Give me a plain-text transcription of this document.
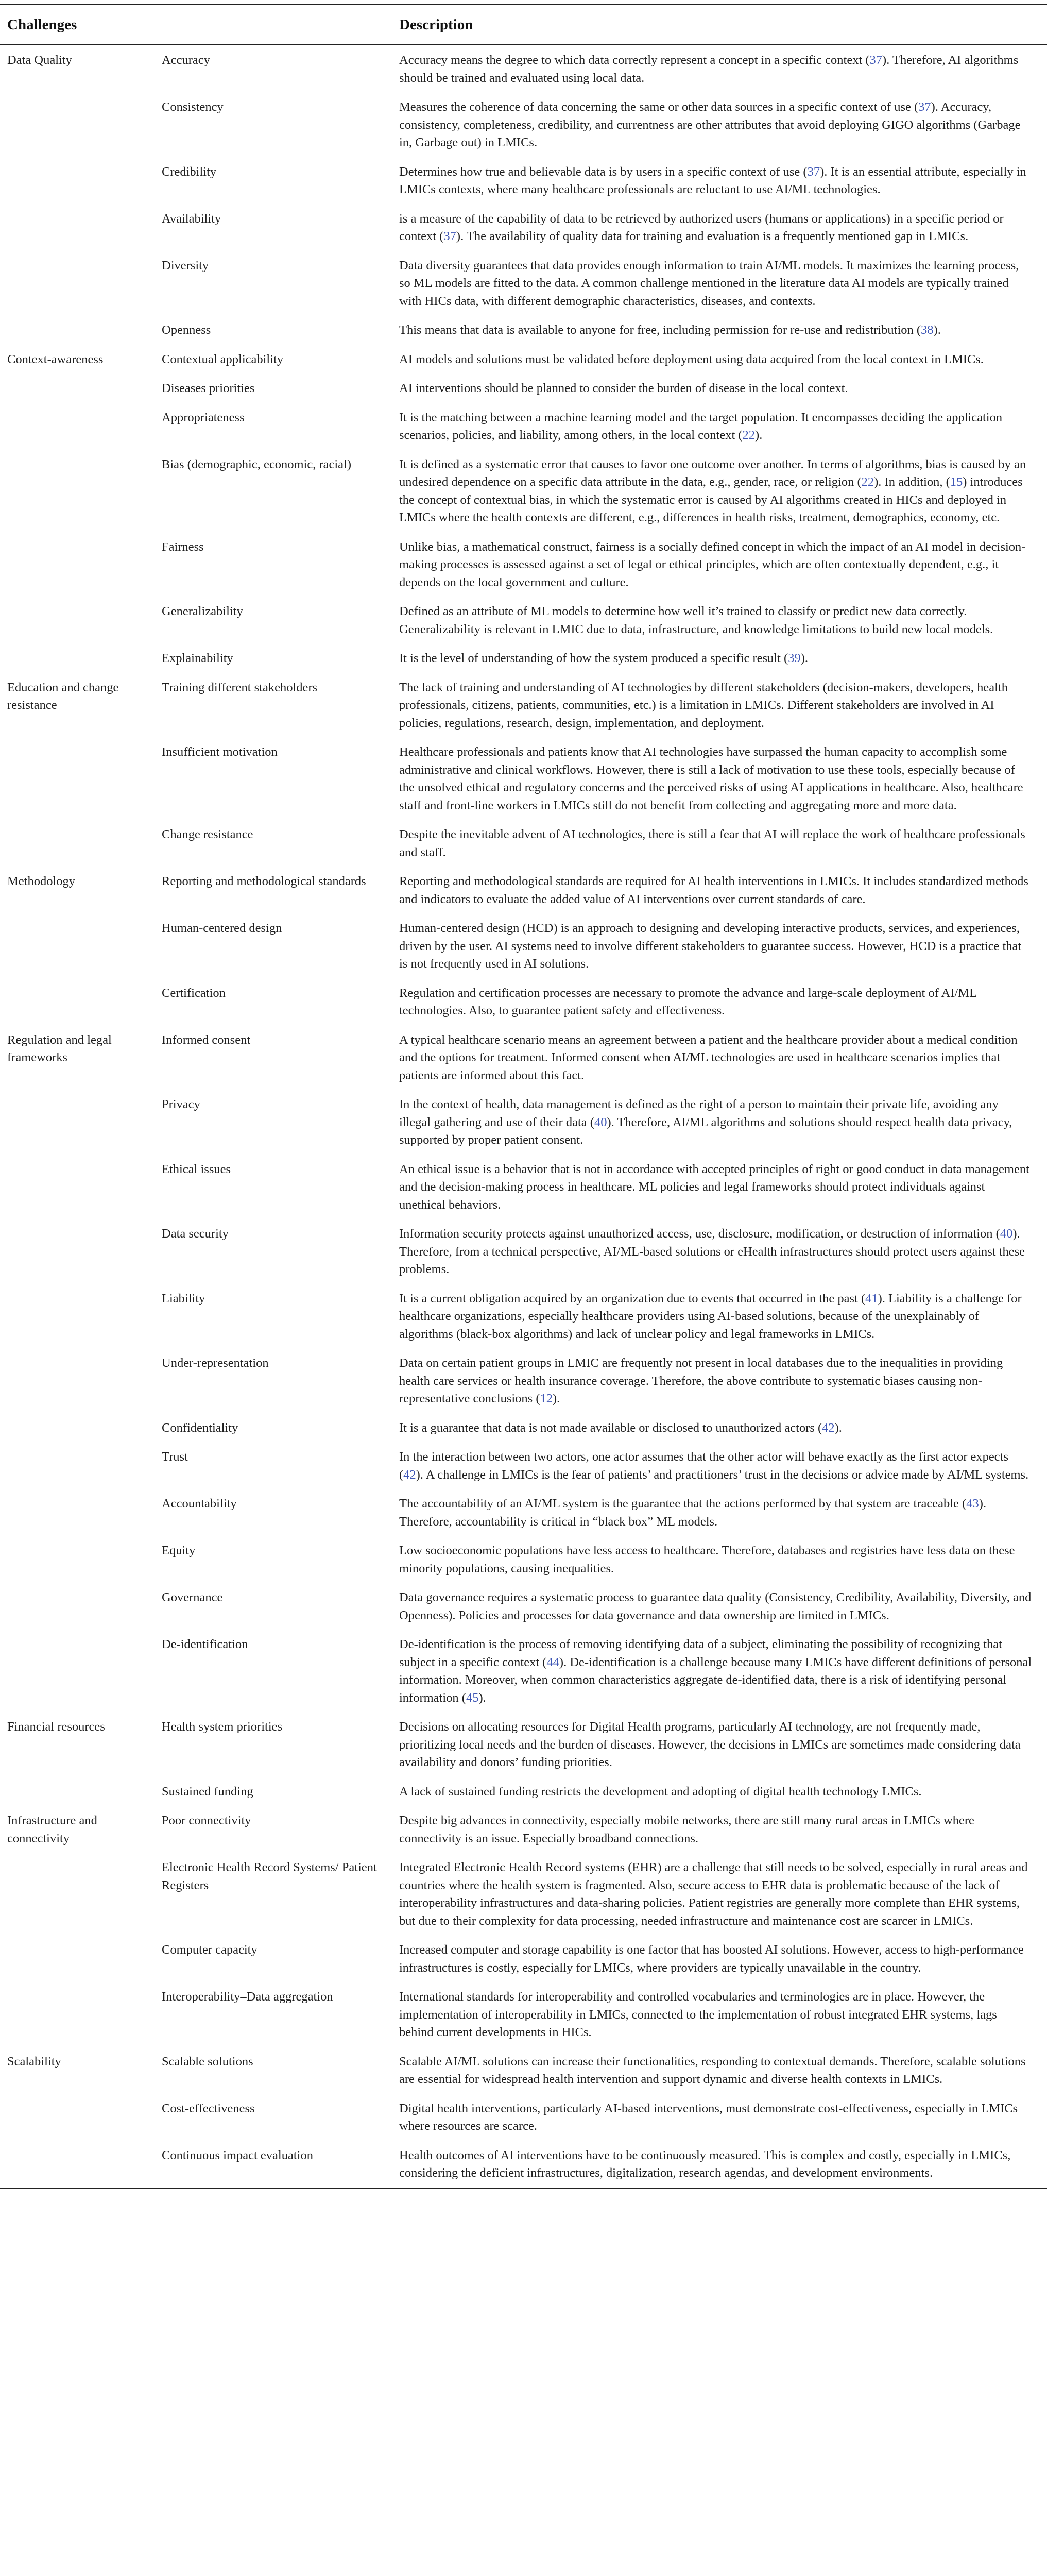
Challenges		Description
Data Quality	Accuracy	Accuracy means the degree to which data correctly represent a concept in a specific context (37). Therefore, AI algorithms should be trained and evaluated using local data.
	Consistency	Measures the coherence of data concerning the same or other data sources in a specific context of use (37). Accuracy, consistency, completeness, credibility, and currentness are other attributes that avoid deploying GIGO algorithms (Garbage in, Garbage out) in LMICs.
	Credibility	Determines how true and believable data is by users in a specific context of use (37). It is an essential attribute, especially in LMICs contexts, where many healthcare professionals are reluctant to use AI/ML technologies.
	Availability	is a measure of the capability of data to be retrieved by authorized users (humans or applications) in a specific period or context (37). The availability of quality data for training and evaluation is a frequently mentioned gap in LMICs.
	Diversity	Data diversity guarantees that data provides enough information to train AI/ML models. It maximizes the learning process, so ML models are fitted to the data. A common challenge mentioned in the literature data AI models are typically trained with HICs data, with different demographic characteristics, diseases, and contexts.
	Openness	This means that data is available to anyone for free, including permission for re-use and redistribution (38).
Context-awareness	Contextual applicability	AI models and solutions must be validated before deployment using data acquired from the local context in LMICs.
	Diseases priorities	AI interventions should be planned to consider the burden of disease in the local context.
	Appropriateness	It is the matching between a machine learning model and the target population. It encompasses deciding the application scenarios, policies, and liability, among others, in the local context (22).
	Bias (demographic, economic, racial)	It is defined as a systematic error that causes to favor one outcome over another. In terms of algorithms, bias is caused by an undesired dependence on a specific data attribute in the data, e.g., gender, race, or religion (22). In addition, (15) introduces the concept of contextual bias, in which the systematic error is caused by AI algorithms created in HICs and deployed in LMICs where the health contexts are different, e.g., differences in health risks, treatment, demographics, economy, etc.
	Fairness	Unlike bias, a mathematical construct, fairness is a socially defined concept in which the impact of an AI model in decision-making processes is assessed against a set of legal or ethical principles, which are often contextually dependent, e.g., it depends on the local government and culture.
	Generalizability	Defined as an attribute of ML models to determine how well it’s trained to classify or predict new data correctly. Generalizability is relevant in LMIC due to data, infrastructure, and knowledge limitations to build new local models.
	Explainability	It is the level of understanding of how the system produced a specific result (39).
Education and change resistance	Training different stakeholders	The lack of training and understanding of AI technologies by different stakeholders (decision-makers, developers, health professionals, citizens, patients, communities, etc.) is a limitation in LMICs. Different stakeholders are involved in AI policies, regulations, research, design, implementation, and deployment.
	Insufficient motivation	Healthcare professionals and patients know that AI technologies have surpassed the human capacity to accomplish some administrative and clinical workflows. However, there is still a lack of motivation to use these tools, especially because of the unsolved ethical and regulatory concerns and the perceived risks of using AI applications in healthcare. Also, healthcare staff and front-line workers in LMICs still do not benefit from collecting and aggregating more and more data.
	Change resistance	Despite the inevitable advent of AI technologies, there is still a fear that AI will replace the work of healthcare professionals and staff.
Methodology	Reporting and methodological standards	Reporting and methodological standards are required for AI health interventions in LMICs. It includes standardized methods and indicators to evaluate the added value of AI interventions over current standards of care.
	Human-centered design	Human-centered design (HCD) is an approach to designing and developing interactive products, services, and experiences, driven by the user. AI systems need to involve different stakeholders to guarantee success. However, HCD is a practice that is not frequently used in AI solutions.
	Certification	Regulation and certification processes are necessary to promote the advance and large-scale deployment of AI/ML technologies. Also, to guarantee patient safety and effectiveness.
Regulation and legal frameworks	Informed consent	A typical healthcare scenario means an agreement between a patient and the healthcare provider about a medical condition and the options for treatment. Informed consent when AI/ML technologies are used in healthcare scenarios implies that patients are informed about this fact.
	Privacy	In the context of health, data management is defined as the right of a person to maintain their private life, avoiding any illegal gathering and use of their data (40). Therefore, AI/ML algorithms and solutions should respect health data privacy, supported by proper patient consent.
	Ethical issues	An ethical issue is a behavior that is not in accordance with accepted principles of right or good conduct in data management and the decision-making process in healthcare. ML policies and legal frameworks should protect individuals against unethical behaviors.
	Data security	Information security protects against unauthorized access, use, disclosure, modification, or destruction of information (40). Therefore, from a technical perspective, AI/ML-based solutions or eHealth infrastructures should protect users against these problems.
	Liability	It is a current obligation acquired by an organization due to events that occurred in the past (41). Liability is a challenge for healthcare organizations, especially healthcare providers using AI-based solutions, because of the unexplainably of algorithms (black-box algorithms) and lack of unclear policy and legal frameworks in LMICs.
	Under-representation	Data on certain patient groups in LMIC are frequently not present in local databases due to the inequalities in providing health care services or health insurance coverage. Therefore, the above contribute to systematic biases causing non-representative conclusions (12).
	Confidentiality	It is a guarantee that data is not made available or disclosed to unauthorized actors (42).
	Trust	In the interaction between two actors, one actor assumes that the other actor will behave exactly as the first actor expects (42). A challenge in LMICs is the fear of patients’ and practitioners’ trust in the decisions or advice made by AI/ML systems.
	Accountability	The accountability of an AI/ML system is the guarantee that the actions performed by that system are traceable (43). Therefore, accountability is critical in “black box” ML models.
	Equity	Low socioeconomic populations have less access to healthcare. Therefore, databases and registries have less data on these minority populations, causing inequalities.
	Governance	Data governance requires a systematic process to guarantee data quality (Consistency, Credibility, Availability, Diversity, and Openness). Policies and processes for data governance and data ownership are limited in LMICs.
	De-identification	De-identification is the process of removing identifying data of a subject, eliminating the possibility of recognizing that subject in a specific context (44). De-identification is a challenge because many LMICs have different definitions of personal information. Moreover, when common characteristics aggregate de-identified data, there is a risk of identifying personal information (45).
Financial resources	Health system priorities	Decisions on allocating resources for Digital Health programs, particularly AI technology, are not frequently made, prioritizing local needs and the burden of diseases. However, the decisions in LMICs are sometimes made considering data availability and donors’ funding priorities.
	Sustained funding	A lack of sustained funding restricts the development and adopting of digital health technology LMICs.
Infrastructure and connectivity	Poor connectivity	Despite big advances in connectivity, especially mobile networks, there are still many rural areas in LMICs where connectivity is an issue. Especially broadband connections.
	Electronic Health Record Systems/ Patient Registers	Integrated Electronic Health Record systems (EHR) are a challenge that still needs to be solved, especially in rural areas and countries where the health system is fragmented. Also, secure access to EHR data is problematic because of the lack of interoperability infrastructures and data-sharing policies. Patient registries are generally more complete than EHR systems, but due to their complexity for data processing, needed infrastructure and maintenance cost are scarcer in LMICs.
	Computer capacity	Increased computer and storage capability is one factor that has boosted AI solutions. However, access to high-performance infrastructures is costly, especially for LMICs, where providers are typically unavailable in the country.
	Interoperability–Data aggregation	International standards for interoperability and controlled vocabularies and terminologies are in place. However, the implementation of interoperability in LMICs, connected to the implementation of robust integrated EHR systems, lags behind current developments in HICs.
Scalability	Scalable solutions	Scalable AI/ML solutions can increase their functionalities, responding to contextual demands. Therefore, scalable solutions are essential for widespread health intervention and support dynamic and diverse health contexts in LMICs.
	Cost-effectiveness	Digital health interventions, particularly AI-based interventions, must demonstrate cost-effectiveness, especially in LMICs where resources are scarce.
	Continuous impact evaluation	Health outcomes of AI interventions have to be continuously measured. This is complex and costly, especially in LMICs, considering the deficient infrastructures, digitalization, research agendas, and development environments.
